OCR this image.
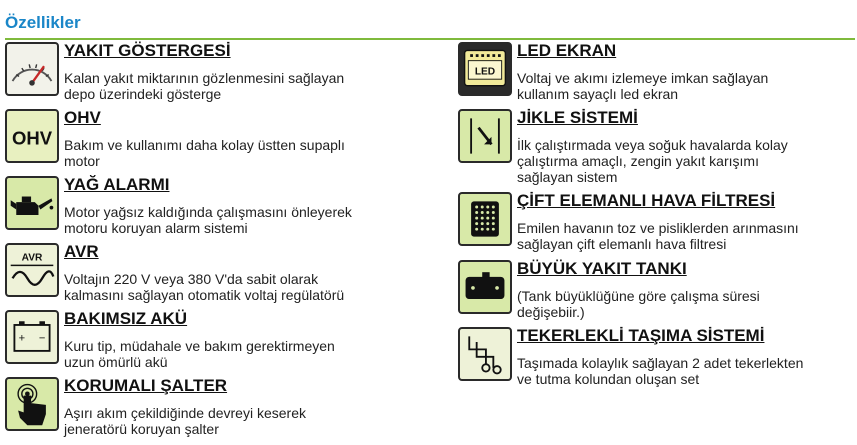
Özellikler
YAKIT GÖSTERGESİ
Kalan yakıt miktarının gözlenmesini sağlayan
depo üzerindeki gösterge
OHV
OHV
Bakım ve kullanımı daha kolay üstten supaplı
motor
YAĞ ALARMI
Motor yağsız kaldığında çalışmasını önleyerek
motoru koruyan alarm sistemi
AVR AVR
Voltajın 220 V veya 380 V'da sabit olarak
kalmasını sağlayan otomatik voltaj regülatörü
+ −
BAKIMSIZ AKÜ
Kuru tip, müdahale ve bakım gerektirmeyen
uzun ömürlü akü
KORUMALI ŞALTER
Aşırı akım çekildiğinde devreyi keserek
jeneratörü koruyan şalter
LED
LED EKRAN
Voltaj ve akımı izlemeye imkan sağlayan
kullanım sayaçlı led ekran
JİKLE SİSTEMİ
İlk çalıştırmada veya soğuk havalarda kolay
çalıştırma amaçlı, zengin yakıt karışımı
sağlayan sistem
ÇİFT ELEMANLI HAVA FİLTRESİ
Emilen havanın toz ve pisliklerden arınmasını
sağlayan çift elemanlı hava filtresi
BÜYÜK YAKIT TANKI
(Tank büyüklüğüne göre çalışma süresi
değişebiir.)
TEKERLEKLİ TAŞIMA SİSTEMİ
Taşımada kolaylık sağlayan 2 adet tekerlekten
ve tutma kolundan oluşan set
